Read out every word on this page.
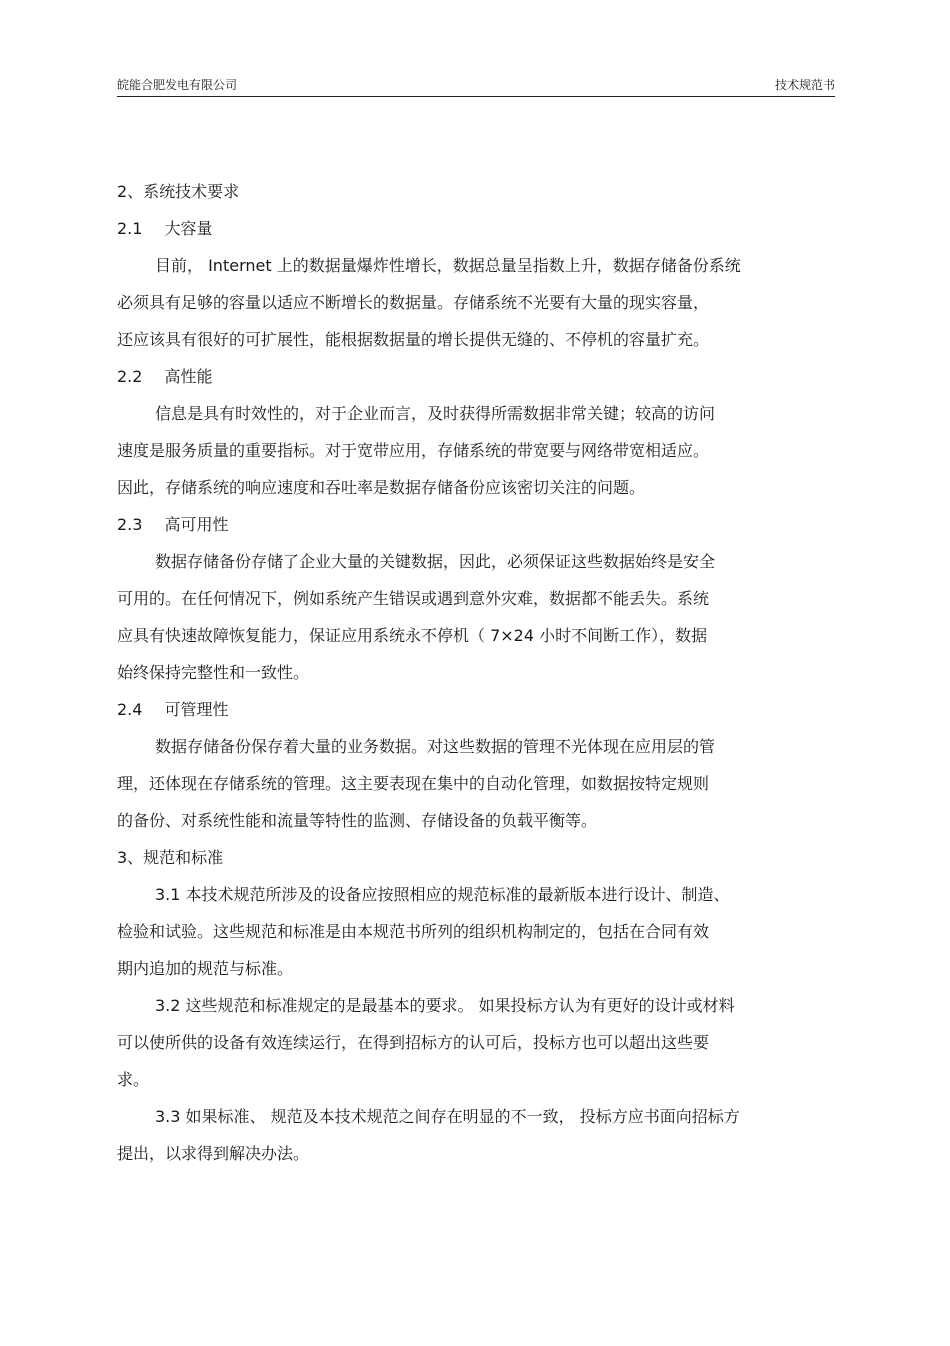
皖能合肥发电有限公司	技术规范书
2、系统技术要求
2.1 大容量
目前， Internet 上的数据量爆炸性增长，数据总量呈指数上升，数据存储备份系统
必须具有足够的容量以适应不断增长的数据量。存储系统不光要有大量的现实容量，
还应该具有很好的可扩展性，能根据数据量的增长提供无缝的、不停机的容量扩充。
2.2 高性能
信息是具有时效性的，对于企业而言，及时获得所需数据非常关键；较高的访问
速度是服务质量的重要指标。对于宽带应用，存储系统的带宽要与网络带宽相适应。
因此，存储系统的响应速度和吞吐率是数据存储备份应该密切关注的问题。
2.3 高可用性
数据存储备份存储了企业大量的关键数据，因此，必须保证这些数据始终是安全
可用的。在任何情况下，例如系统产生错误或遇到意外灾难，数据都不能丢失。系统
应具有快速故障恢复能力，保证应用系统永不停机（ 7×24 小时不间断工作），数据
始终保持完整性和一致性。
2.4 可管理性
数据存储备份保存着大量的业务数据。对这些数据的管理不光体现在应用层的管
理，还体现在存储系统的管理。这主要表现在集中的自动化管理，如数据按特定规则
的备份、对系统性能和流量等特性的监测、存储设备的负载平衡等。
3、规范和标准
3.1 本技术规范所涉及的设备应按照相应的规范标准的最新版本进行设计、制造、
检验和试验。这些规范和标准是由本规范书所列的组织机构制定的，包括在合同有效
期内追加的规范与标准。
3.2 这些规范和标准规定的是最基本的要求。 如果投标方认为有更好的设计或材料
可以使所供的设备有效连续运行，在得到招标方的认可后，投标方也可以超出这些要
求。
3.3 如果标准、 规范及本技术规范之间存在明显的不一致， 投标方应书面向招标方
提出，以求得到解决办法。
